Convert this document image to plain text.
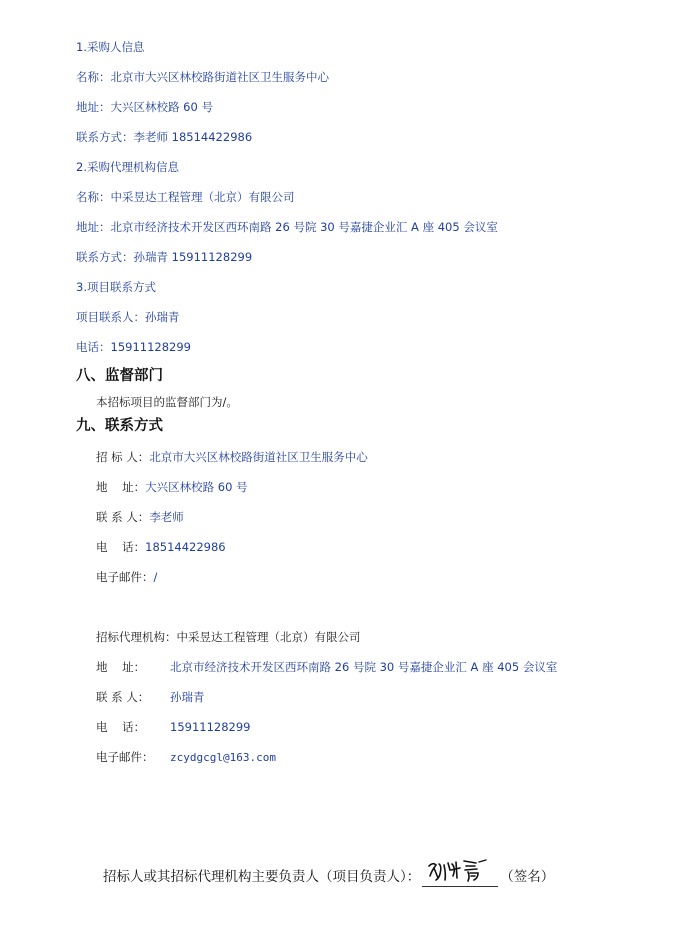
1.采购人信息
名称：北京市大兴区林校路街道社区卫生服务中心
地址：大兴区林校路 60 号
联系方式：李老师 18514422986
2.采购代理机构信息
名称：中采昱达工程管理（北京）有限公司
地址：北京市经济技术开发区西环南路 26 号院 30 号嘉捷企业汇 A 座 405 会议室
联系方式：孙瑞青 15911128299
3.项目联系方式
项目联系人：孙瑞青
电话：15911128299
八、监督部门
本招标项目的监督部门为/。
九、联系方式
招 标 人：北京市大兴区林校路街道社区卫生服务中心
地    址：大兴区林校路 60 号
联 系 人：李老师
电    话：18514422986
电子邮件：/
招标代理机构：中采昱达工程管理（北京）有限公司
地    址： 北京市经济技术开发区西环南路 26 号院 30 号嘉捷企业汇 A 座 405 会议室
联 系 人： 孙瑞青
电    话： 15911128299
电子邮件： zcydgcgl@163.com
招标人或其招标代理机构主要负责人（项目负责人）：	（签名）
